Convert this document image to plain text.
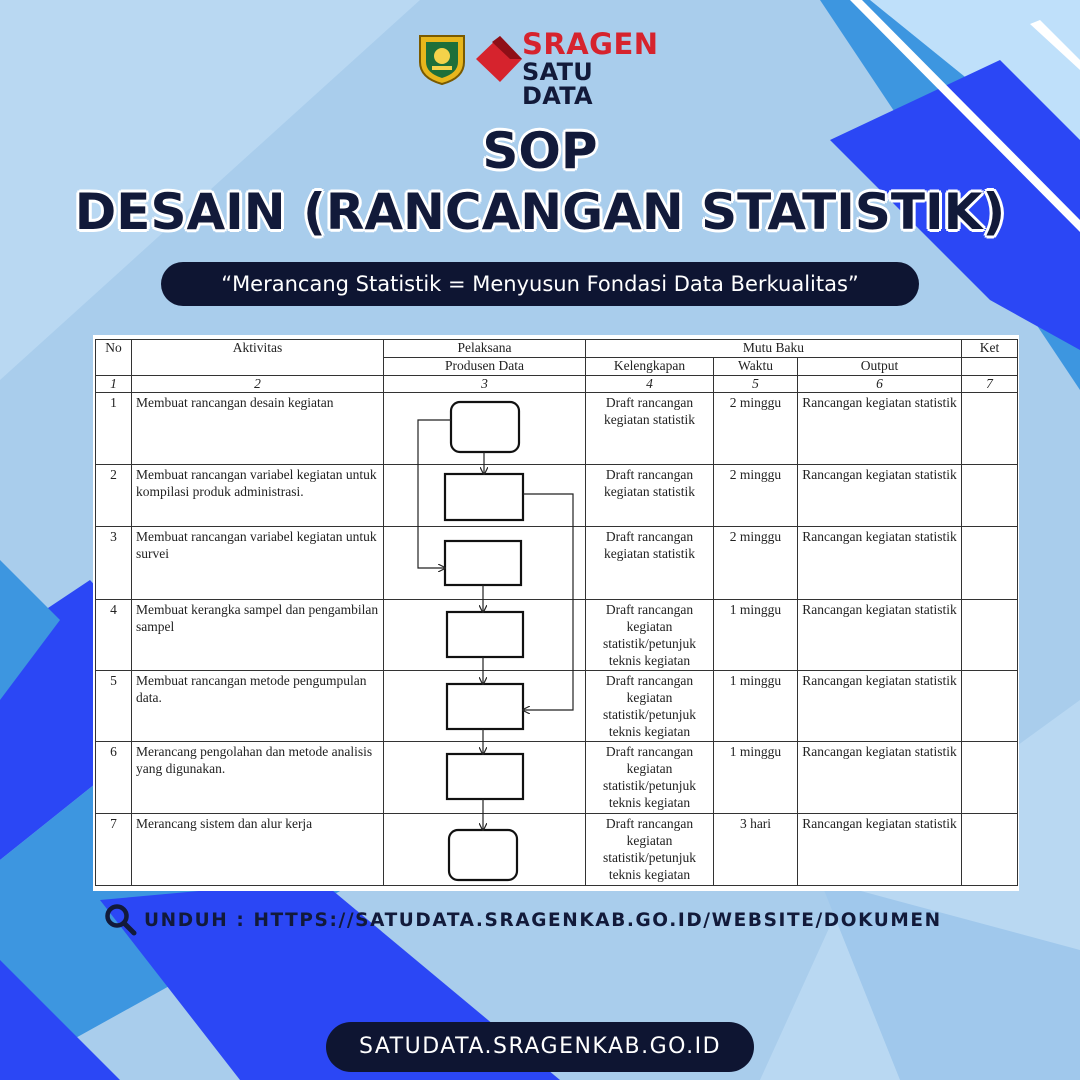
SRAGEN
SATU DATA
SOP
DESAIN (RANCANGAN STATISTIK)
“Merancang Statistik = Menyusun Fondasi Data Berkualitas”
No	Aktivitas	Pelaksana	Mutu Baku			Ket
		Produsen Data	Kelengkapan	Waktu	Output	
1	2	3	4	5	6	7
1	Membuat rancangan desain kegiatan		Draft rancangan kegiatan statistik	2 minggu	Rancangan kegiatan statistik	
2	Membuat rancangan variabel kegiatan untuk kompilasi produk administrasi.		Draft rancangan kegiatan statistik	2 minggu	Rancangan kegiatan statistik	
3	Membuat rancangan variabel kegiatan untuk survei		Draft rancangan kegiatan statistik	2 minggu	Rancangan kegiatan statistik	
4	Membuat kerangka sampel dan pengambilan sampel		Draft rancangan kegiatan statistik/petunjuk teknis kegiatan	1 minggu	Rancangan kegiatan statistik	
5	Membuat rancangan metode pengumpulan data.		Draft rancangan kegiatan statistik/petunjuk teknis kegiatan	1 minggu	Rancangan kegiatan statistik	
6	Merancang pengolahan dan metode analisis yang digunakan.		Draft rancangan kegiatan statistik/petunjuk teknis kegiatan	1 minggu	Rancangan kegiatan statistik	
7	Merancang sistem dan alur kerja		Draft rancangan kegiatan statistik/petunjuk teknis kegiatan	3 hari	Rancangan kegiatan statistik	
UNDUH : HTTPS://SATUDATA.SRAGENKAB.GO.ID/WEBSITE/DOKUMEN
SATUDATA.SRAGENKAB.GO.ID
